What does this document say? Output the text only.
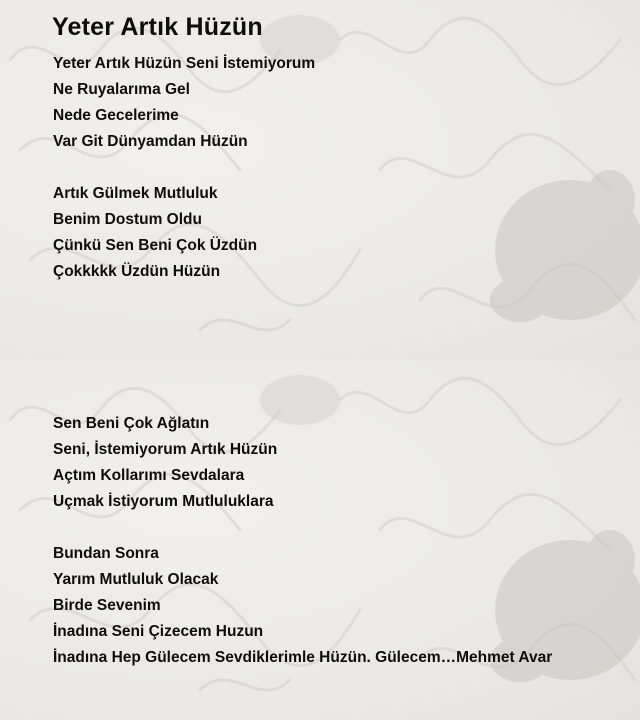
Yeter Artık Hüzün
Yeter Artık Hüzün Seni İstemiyorum
Ne Ruyalarıma Gel
Nede Gecelerime
Var Git Dünyamdan Hüzün
Artık Gülmek Mutluluk
Benim Dostum Oldu
Çünkü Sen Beni Çok Üzdün
Çokkkkk Üzdün Hüzün
Sen Beni Çok Ağlatın
Seni, İstemiyorum Artık Hüzün
Açtım Kollarımı Sevdalara
Uçmak İstiyorum Mutluluklara
Bundan Sonra
Yarım Mutluluk Olacak
Birde Sevenim
İnadına Seni Çizecem Huzun
İnadına Hep Gülecem Sevdiklerimle Hüzün. Gülecem…Mehmet Avar
